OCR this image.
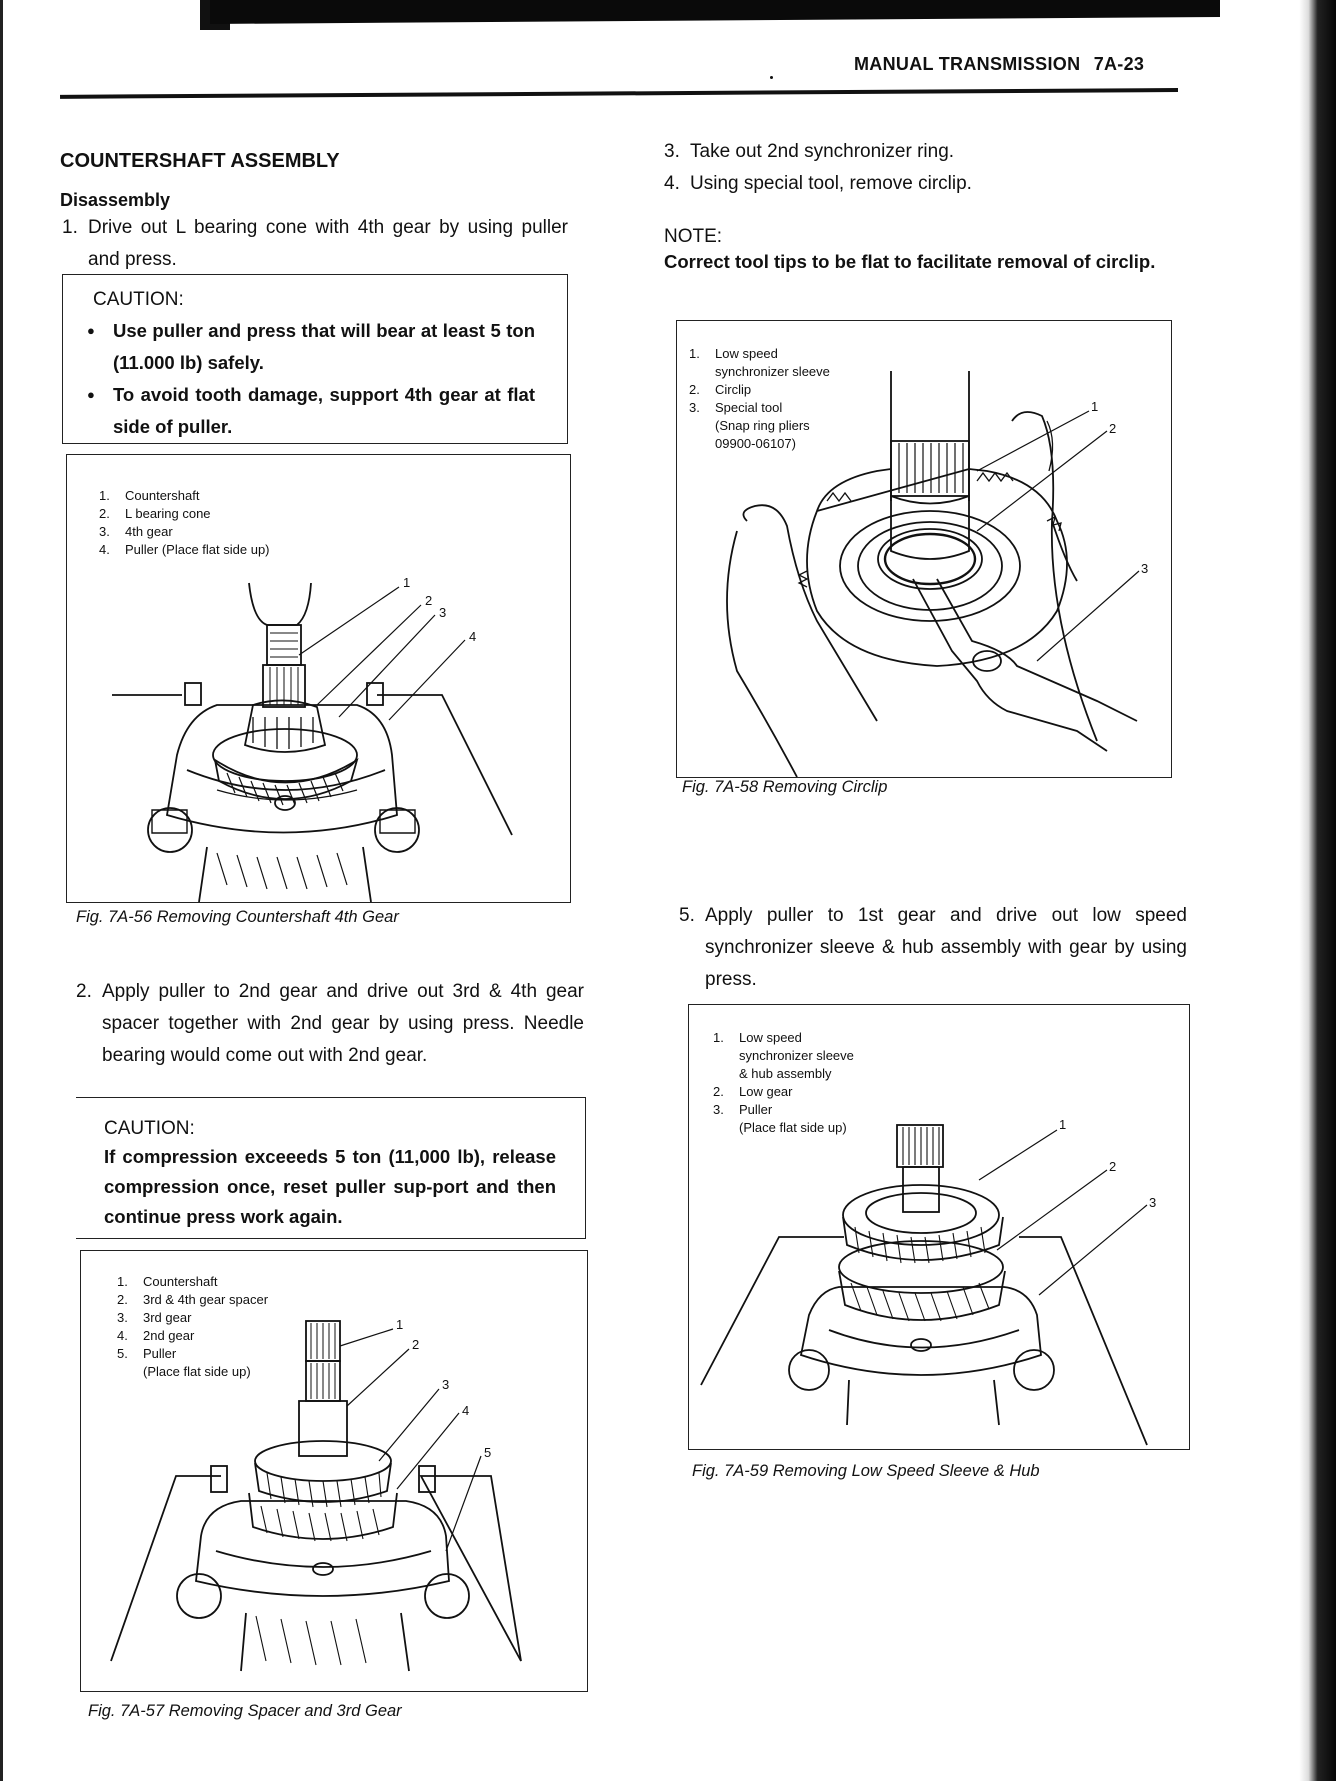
MANUAL TRANSMISSION 7A-23
COUNTERSHAFT ASSEMBLY
Disassembly
1. Drive out L bearing cone with 4th gear by using puller and press.
CAUTION:
● Use puller and press that will bear at least 5 ton (11.000 lb) safely.
● To avoid tooth damage, support 4th gear at flat side of puller.
1.	Countershaft
2.	L bearing cone
3.	4th gear
4.	Puller (Place flat side up)
1
2
3
4
Fig. 7A-56 Removing Countershaft 4th Gear
2. Apply puller to 2nd gear and drive out 3rd & 4th gear spacer together with 2nd gear by using press. Needle bearing would come out with 2nd gear.
CAUTION:
If compression exceeeds 5 ton (11,000 lb), release compression once, reset puller sup-port and then continue press work again.
1.	Countershaft
2.	3rd & 4th gear spacer
3.	3rd gear
4.	2nd gear
5.	Puller
(Place flat side up)
1
2
3
4
5
Fig. 7A-57 Removing Spacer and 3rd Gear
3. Take out 2nd synchronizer ring.
4. Using special tool, remove circlip.
NOTE:
Correct tool tips to be flat to facilitate removal of circlip.
1.	Low speed
synchronizer sleeve
2.	Circlip
3.	Special tool
(Snap ring pliers
09900-06107)
1
2
3
Fig. 7A-58 Removing Circlip
5. Apply puller to 1st gear and drive out low speed synchronizer sleeve & hub assembly with gear by using press.
1.	Low speed
synchronizer sleeve
& hub assembly
2.	Low gear
3.	Puller
(Place flat side up)	1
2
3
Fig. 7A-59 Removing Low Speed Sleeve & Hub
